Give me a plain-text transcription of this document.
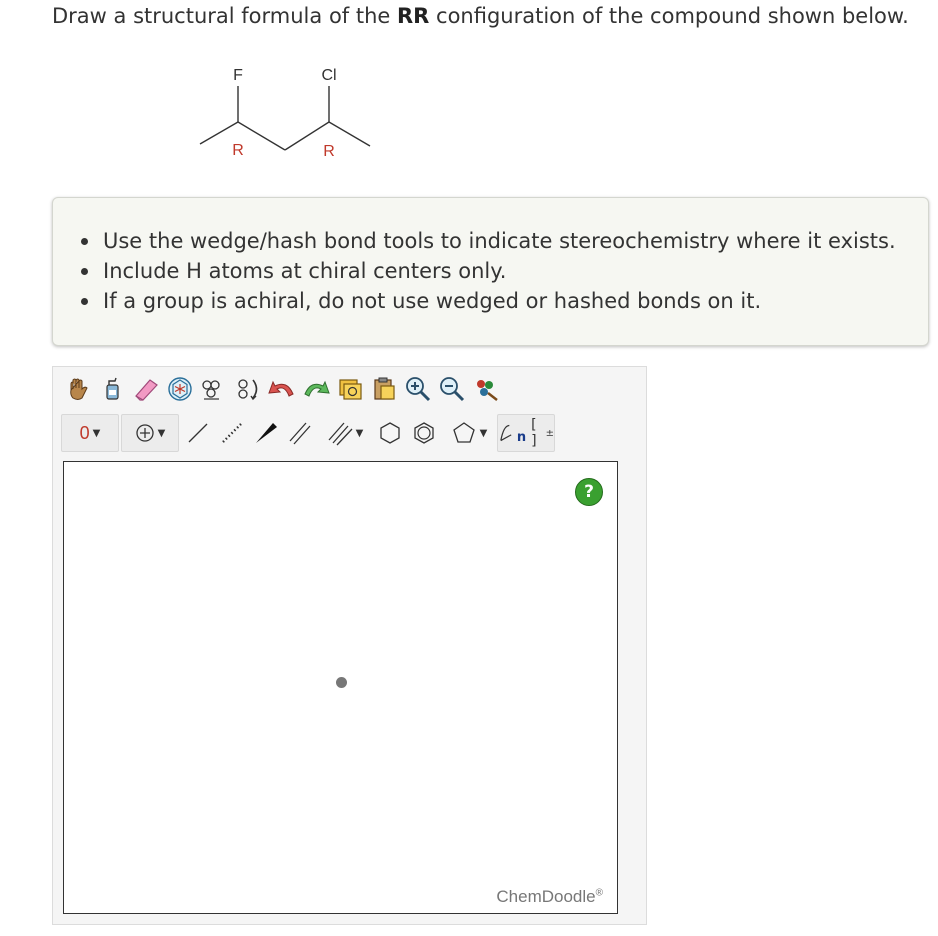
Draw a structural formula of the RR configuration of the compound shown below.
F	Cl
R	R
Use the wedge/hash bond tools to indicate stereochemistry where it exists.
Include H atoms at chiral centers only.
If a group is achiral, do not use wedged or hashed bonds on it.
0 ▼	▼	▼	▼ n
[ ] ±
?
ChemDoodle®
